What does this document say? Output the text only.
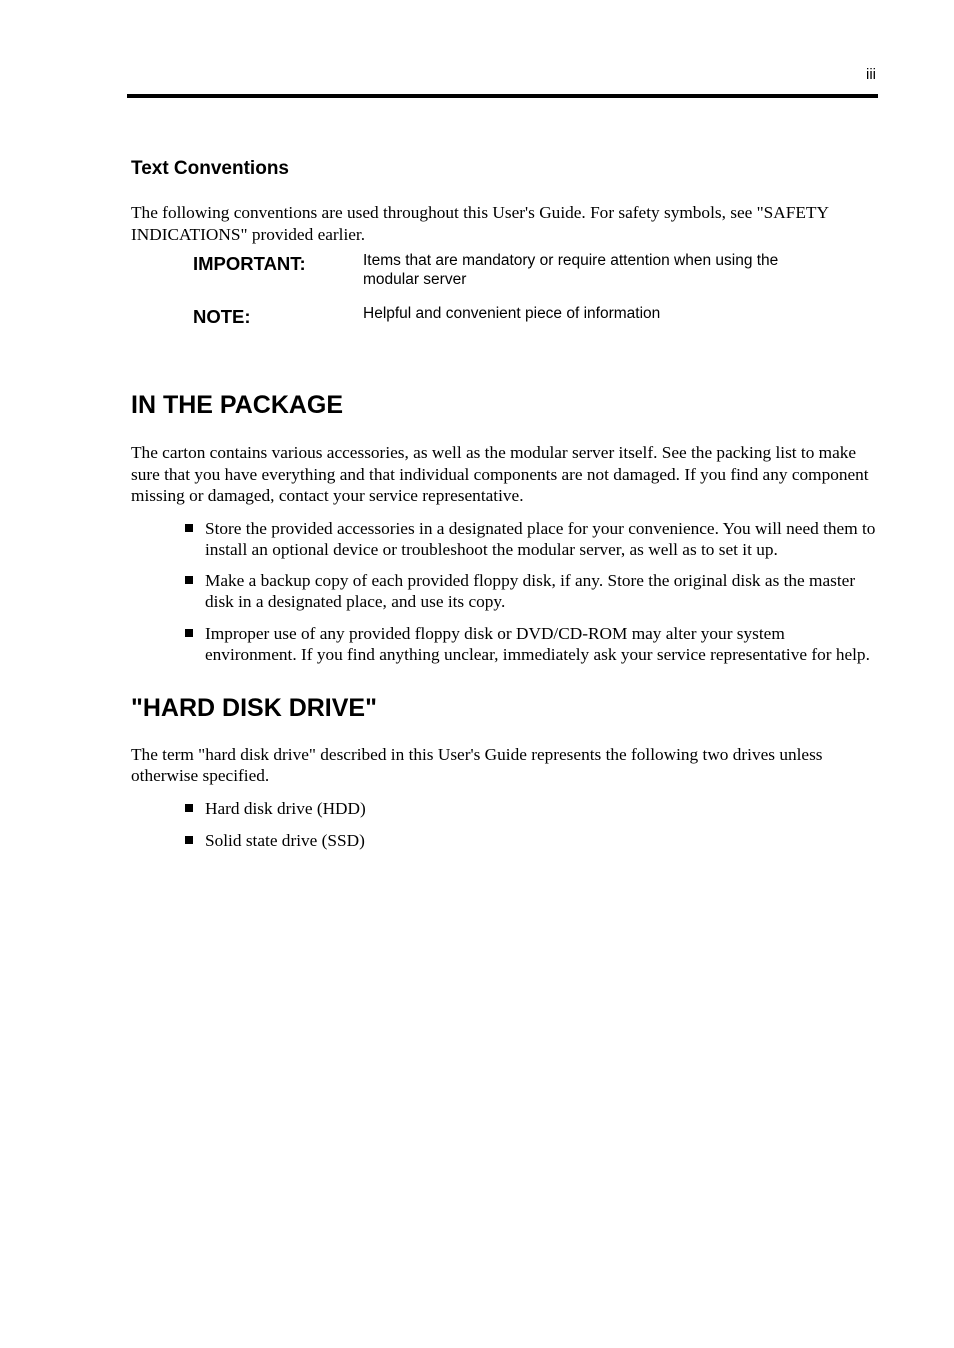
iii
Text Conventions

The following conventions are used throughout this User's Guide. For safety symbols, see "SAFETY INDICATIONS" provided earlier.

IMPORTANT:	Items that are mandatory or require attention when using the modular server
NOTE:	Helpful and convenient piece of information
IN THE PACKAGE

The carton contains various accessories, as well as the modular server itself. See the packing list to make sure that you have everything and that individual components are not damaged. If you find any component missing or damaged, contact your service representative.

Store the provided accessories in a designated place for your convenience. You will need them to install an optional device or troubleshoot the modular server, as well as to set it up.
Make a backup copy of each provided floppy disk, if any. Store the original disk as the master disk in a designated place, and use its copy.
Improper use of any provided floppy disk or DVD/CD-ROM may alter your system environment. If you find anything unclear, immediately ask your service representative for help.
"HARD DISK DRIVE"

The term "hard disk drive" described in this User's Guide represents the following two drives unless otherwise specified.

Hard disk drive (HDD)
Solid state drive (SSD)
